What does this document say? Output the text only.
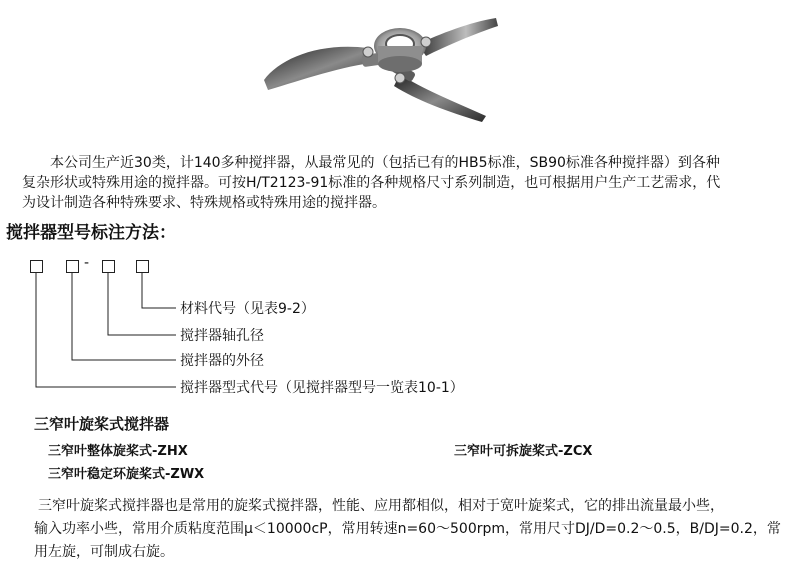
本公司生产近30类，计140多种搅拌器，从最常见的（包括已有的HB5标准，SB90标准各种搅拌器）到各种
复杂形状或特殊用途的搅拌器。可按H/T2123-91标准的各种规格尺寸系列制造，也可根据用户生产工艺需求，代
为设计制造各种特殊要求、特殊规格或特殊用途的搅拌器。
搅拌器型号标注方法：
-
材料代号（见表9-2）
搅拌器轴孔径
搅拌器的外径
搅拌器型式代号（见搅拌器型号一览表10-1）
三窄叶旋桨式搅拌器
三窄叶整体旋桨式-ZHX	三窄叶可拆旋桨式-ZCX
三窄叶稳定环旋桨式-ZWX
三窄叶旋桨式搅拌器也是常用的旋桨式搅拌器，性能、应用都相似，相对于宽叶旋桨式，它的排出流量最小些，
输入功率小些，常用介质粘度范围μ＜10000cP，常用转速n=60～500rpm，常用尺寸DJ/D=0.2～0.5，B/DJ=0.2，常
用左旋，可制成右旋。
